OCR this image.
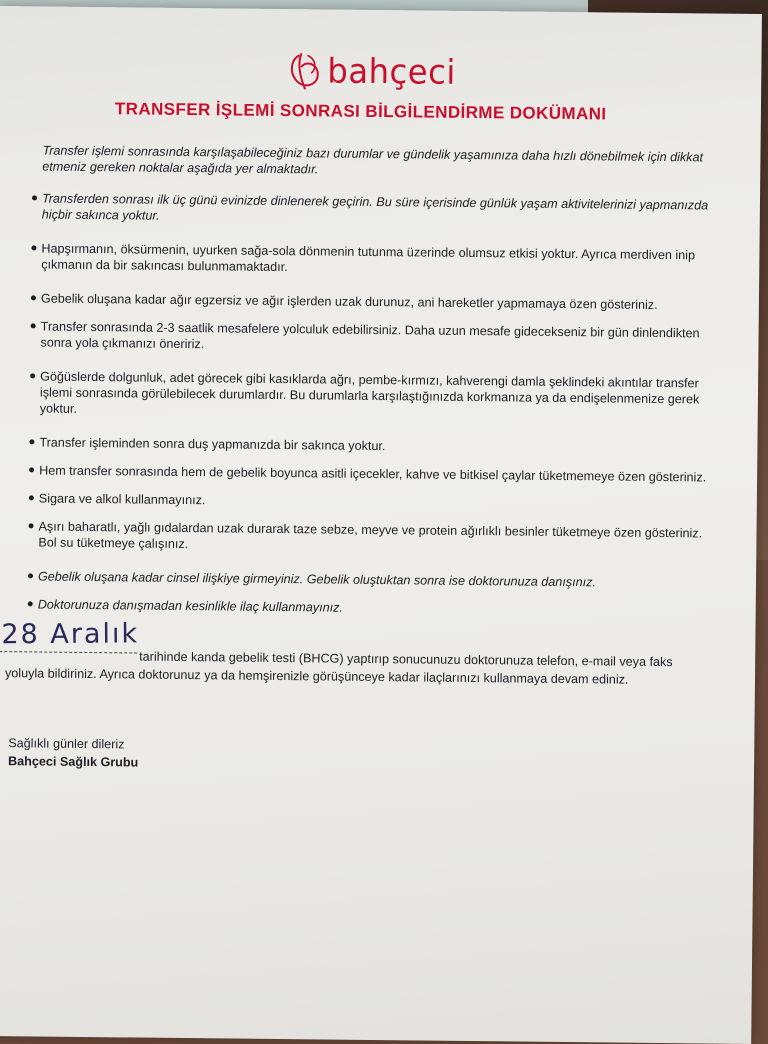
bahçeci
TRANSFER İŞLEMİ SONRASI BİLGİLENDİRME DOKÜMANI

Transfer işlemi sonrasında karşılaşabileceğiniz bazı durumlar ve gündelik yaşamınıza daha hızlı dönebilmek için dikkat etmeniz gereken noktalar aşağıda yer almaktadır.

Transferden sonrası ilk üç günü evinizde dinlenerek geçirin. Bu süre içerisinde günlük yaşam aktivitelerinizi yapmanızda hiçbir sakınca yoktur.
Hapşırmanın, öksürmenin, uyurken sağa-sola dönmenin tutunma üzerinde olumsuz etkisi yoktur. Ayrıca merdiven inip çıkmanın da bir sakıncası bulunmamaktadır.
Gebelik oluşana kadar ağır egzersiz ve ağır işlerden uzak durunuz, ani hareketler yapmamaya özen gösteriniz.
Transfer sonrasında 2-3 saatlik mesafelere yolculuk edebilirsiniz. Daha uzun mesafe gidecekseniz bir gün dinlendikten sonra yola çıkmanızı öneririz.
Göğüslerde dolgunluk, adet görecek gibi kasıklarda ağrı, pembe-kırmızı, kahverengi damla şeklindeki akıntılar transfer işlemi sonrasında görülebilecek durumlardır. Bu durumlarla karşılaştığınızda korkmanıza ya da endişelenmenize gerek yoktur.
Transfer işleminden sonra duş yapmanızda bir sakınca yoktur.
Hem transfer sonrasında hem de gebelik boyunca asitli içecekler, kahve ve bitkisel çaylar tüketmemeye özen gösteriniz.
Sigara ve alkol kullanmayınız.
Aşırı baharatlı, yağlı gıdalardan uzak durarak taze sebze, meyve ve protein ağırlıklı besinler tüketmeye özen gösteriniz. Bol su tüketmeye çalışınız.
Gebelik oluşana kadar cinsel ilişkiye girmeyiniz. Gebelik oluştuktan sonra ise doktorunuza danışınız.
Doktorunuza danışmadan kesinlikle ilaç kullanmayınız.
28 Aralık
tarihinde kanda gebelik testi (BHCG) yaptırıp sonucunuzu doktorunuza telefon, e-mail veya faks yoluyla bildiriniz. Ayrıca doktorunuz ya da hemşirenizle görüşünceye kadar ilaçlarınızı kullanmaya devam ediniz.
Sağlıklı günler dileriz
Bahçeci Sağlık Grubu
